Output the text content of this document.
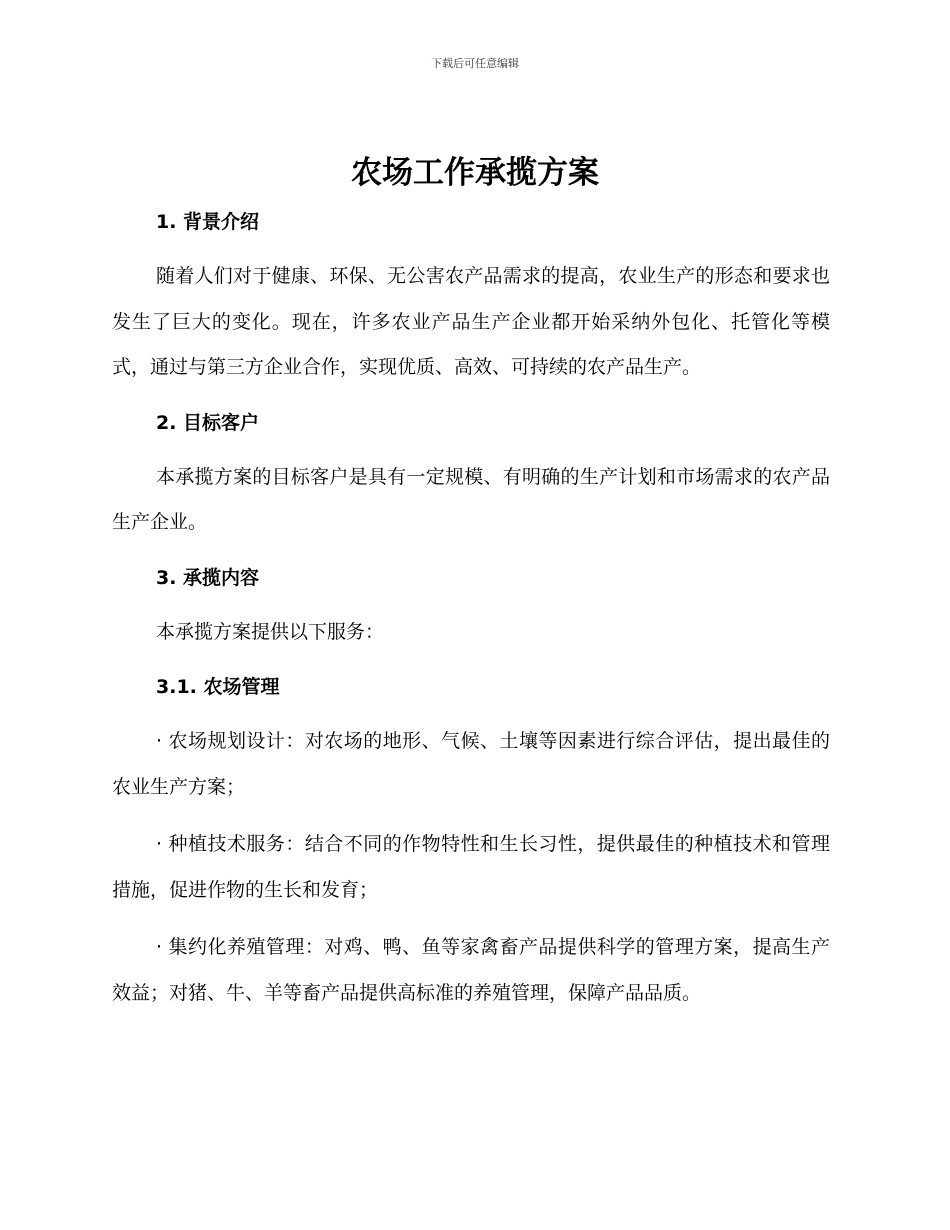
下载后可任意编辑
农场工作承揽方案
1. 背景介绍

随着人们对于健康、环保、无公害农产品需求的提高，农业生产的形态和要求也发生了巨大的变化。现在，许多农业产品生产企业都开始采纳外包化、托管化等模式，通过与第三方企业合作，实现优质、高效、可持续的农产品生产。

2. 目标客户

本承揽方案的目标客户是具有一定规模、有明确的生产计划和市场需求的农产品生产企业。

3. 承揽内容

本承揽方案提供以下服务：

3.1. 农场管理

· 农场规划设计：对农场的地形、气候、土壤等因素进行综合评估，提出最佳的农业生产方案；

· 种植技术服务：结合不同的作物特性和生长习性，提供最佳的种植技术和管理措施，促进作物的生长和发育；

· 集约化养殖管理：对鸡、鸭、鱼等家禽畜产品提供科学的管理方案，提高生产效益；对猪、牛、羊等畜产品提供高标准的养殖管理，保障产品品质。
